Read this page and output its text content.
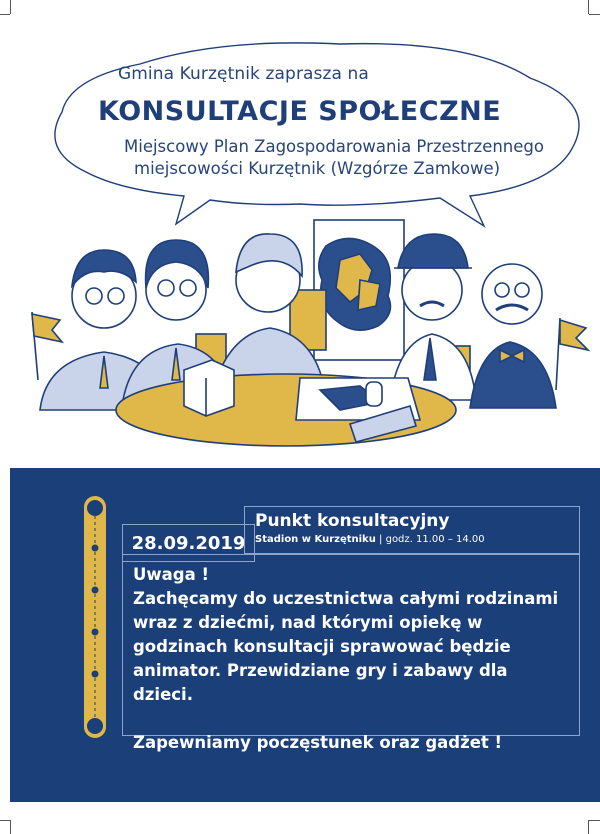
Gmina Kurzętnik zaprasza na
KONSULTACJE SPOŁECZNE
Miejscowy Plan Zagospodarowania Przestrzennego
miejscowości Kurzętnik (Wzgórze Zamkowe)
28.09.2019
Punkt konsultacyjny
Stadion w Kurzętniku | godz. 11.00 – 14.00

Uwaga !

Zachęcamy do uczestnictwa całymi rodzinami wraz z dziećmi, nad którymi opiekę w godzinach konsultacji sprawować będzie animator. Przewidziane gry i zabawy dla dzieci.

Zapewniamy poczęstunek oraz gadżet !
